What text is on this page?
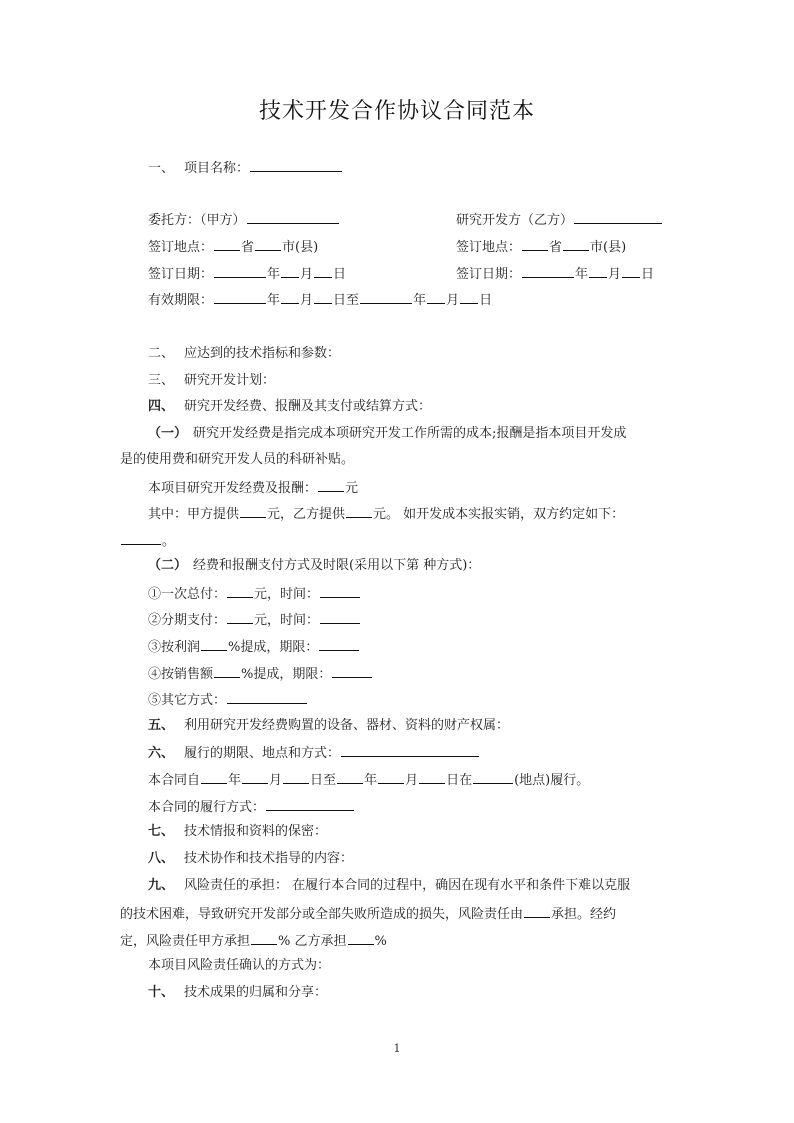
技术开发合作协议合同范本
一、 项目名称：
委托方：（甲方）	研究开发方（乙方）
签订地点： 省 市(县)	签订地点： 省 市(县)
签订日期：	年 月 日	签订日期：	年 月 日
有效期限：	年 月 日至	年 月 日
二、 应达到的技术指标和参数：
三、 研究开发计划：
四、 研究开发经费、报酬及其支付或结算方式：
（一） 研究开发经费是指完成本项研究开发工作所需的成本;报酬是指本项目开发成
是的使用费和研究开发人员的科研补贴。
本项目研究开发经费及报酬： 元
其中：甲方提供 元，乙方提供 元。 如开发成本实报实销，双方约定如下：
。
（二） 经费和报酬支付方式及时限(采用以下第 种方式)：
①一次总付： 元，时间：
②分期支付： 元，时间：
③按利润 %提成，期限：
④按销售额 %提成，期限：
⑤其它方式：
五、 利用研究开发经费购置的设备、器材、资料的财产权属：
六、 履行的期限、地点和方式：
本合同自 年 月 日至 年 月 日在	(地点)履行。
本合同的履行方式：
七、 技术情报和资料的保密：
八、 技术协作和技术指导的内容：
九、 风险责任的承担： 在履行本合同的过程中，确因在现有水平和条件下难以克服
的技术困难，导致研究开发部分或全部失败所造成的损失，风险责任由 承担。经约
定，风险责任甲方承担 % 乙方承担 %
本项目风险责任确认的方式为：
十、 技术成果的归属和分享：
1
